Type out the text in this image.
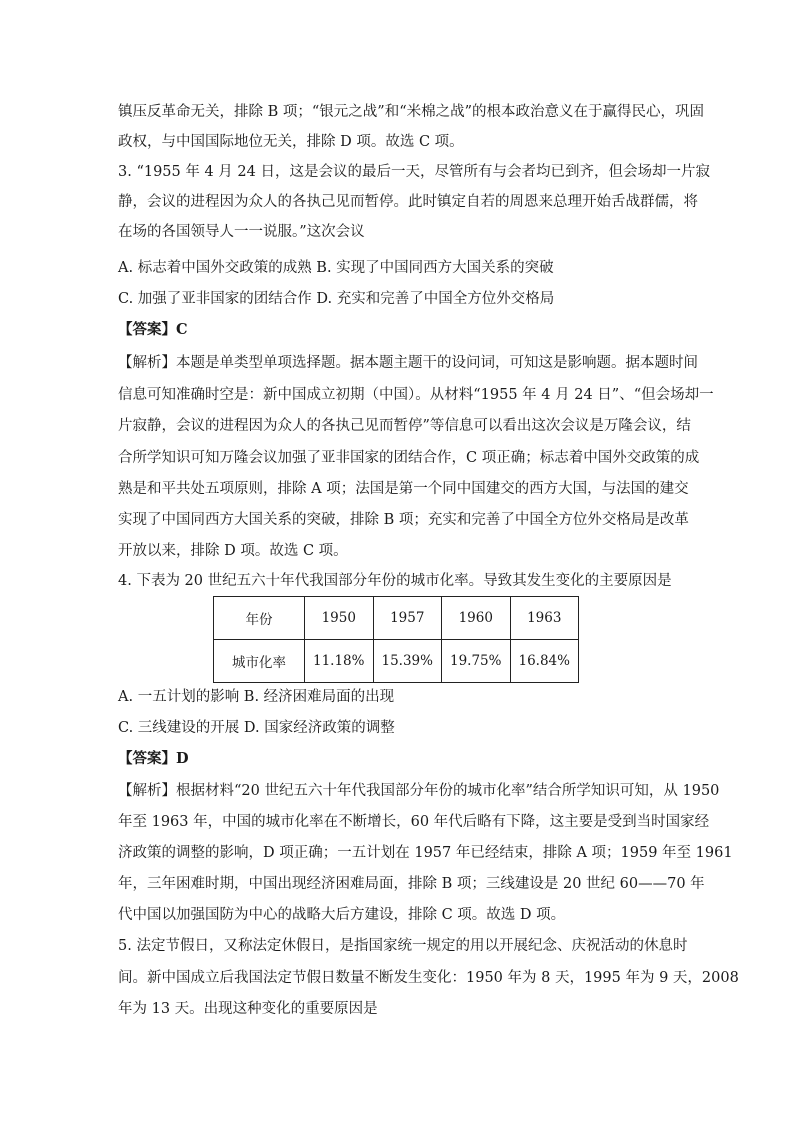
镇压反革命无关，排除 B 项；“银元之战”和“米棉之战”的根本政治意义在于赢得民心，巩固
政权，与中国国际地位无关，排除 D 项。故选 C 项。
3. “1955 年 4 月 24 日，这是会议的最后一天，尽管所有与会者均已到齐，但会场却一片寂
静，会议的进程因为众人的各执己见而暂停。此时镇定自若的周恩来总理开始舌战群儒，将
在场的各国领导人一一说服。”这次会议
A. 标志着中国外交政策的成熟 B. 实现了中国同西方大国关系的突破
C. 加强了亚非国家的团结合作 D. 充实和完善了中国全方位外交格局
【答案】C
【解析】本题是单类型单项选择题。据本题主题干的设问词，可知这是影响题。据本题时间
信息可知准确时空是：新中国成立初期（中国）。从材料“1955 年 4 月 24 日”、“但会场却一
片寂静，会议的进程因为众人的各执己见而暂停”等信息可以看出这次会议是万隆会议，结
合所学知识可知万隆会议加强了亚非国家的团结合作，C 项正确；标志着中国外交政策的成
熟是和平共处五项原则，排除 A 项；法国是第一个同中国建交的西方大国，与法国的建交
实现了中国同西方大国关系的突破，排除 B 项；充实和完善了中国全方位外交格局是改革
开放以来，排除 D 项。故选 C 项。
4. 下表为 20 世纪五六十年代我国部分年份的城市化率。导致其发生变化的主要原因是
年份	1950	1957	1960	1963
城市化率	11.18%	15.39%	19.75%	16.84%
A. 一五计划的影响 B. 经济困难局面的出现
C. 三线建设的开展 D. 国家经济政策的调整
【答案】D
【解析】根据材料“20 世纪五六十年代我国部分年份的城市化率”结合所学知识可知，从 1950
年至 1963 年，中国的城市化率在不断增长，60 年代后略有下降，这主要是受到当时国家经
济政策的调整的影响，D 项正确；一五计划在 1957 年已经结束，排除 A 项；1959 年至 1961
年，三年困难时期，中国出现经济困难局面，排除 B 项；三线建设是 20 世纪 60——70 年
代中国以加强国防为中心的战略大后方建设，排除 C 项。故选 D 项。
5. 法定节假日，又称法定休假日，是指国家统一规定的用以开展纪念、庆祝活动的休息时
间。新中国成立后我国法定节假日数量不断发生变化：1950 年为 8 天，1995 年为 9 天，2008
年为 13 天。出现这种变化的重要原因是
